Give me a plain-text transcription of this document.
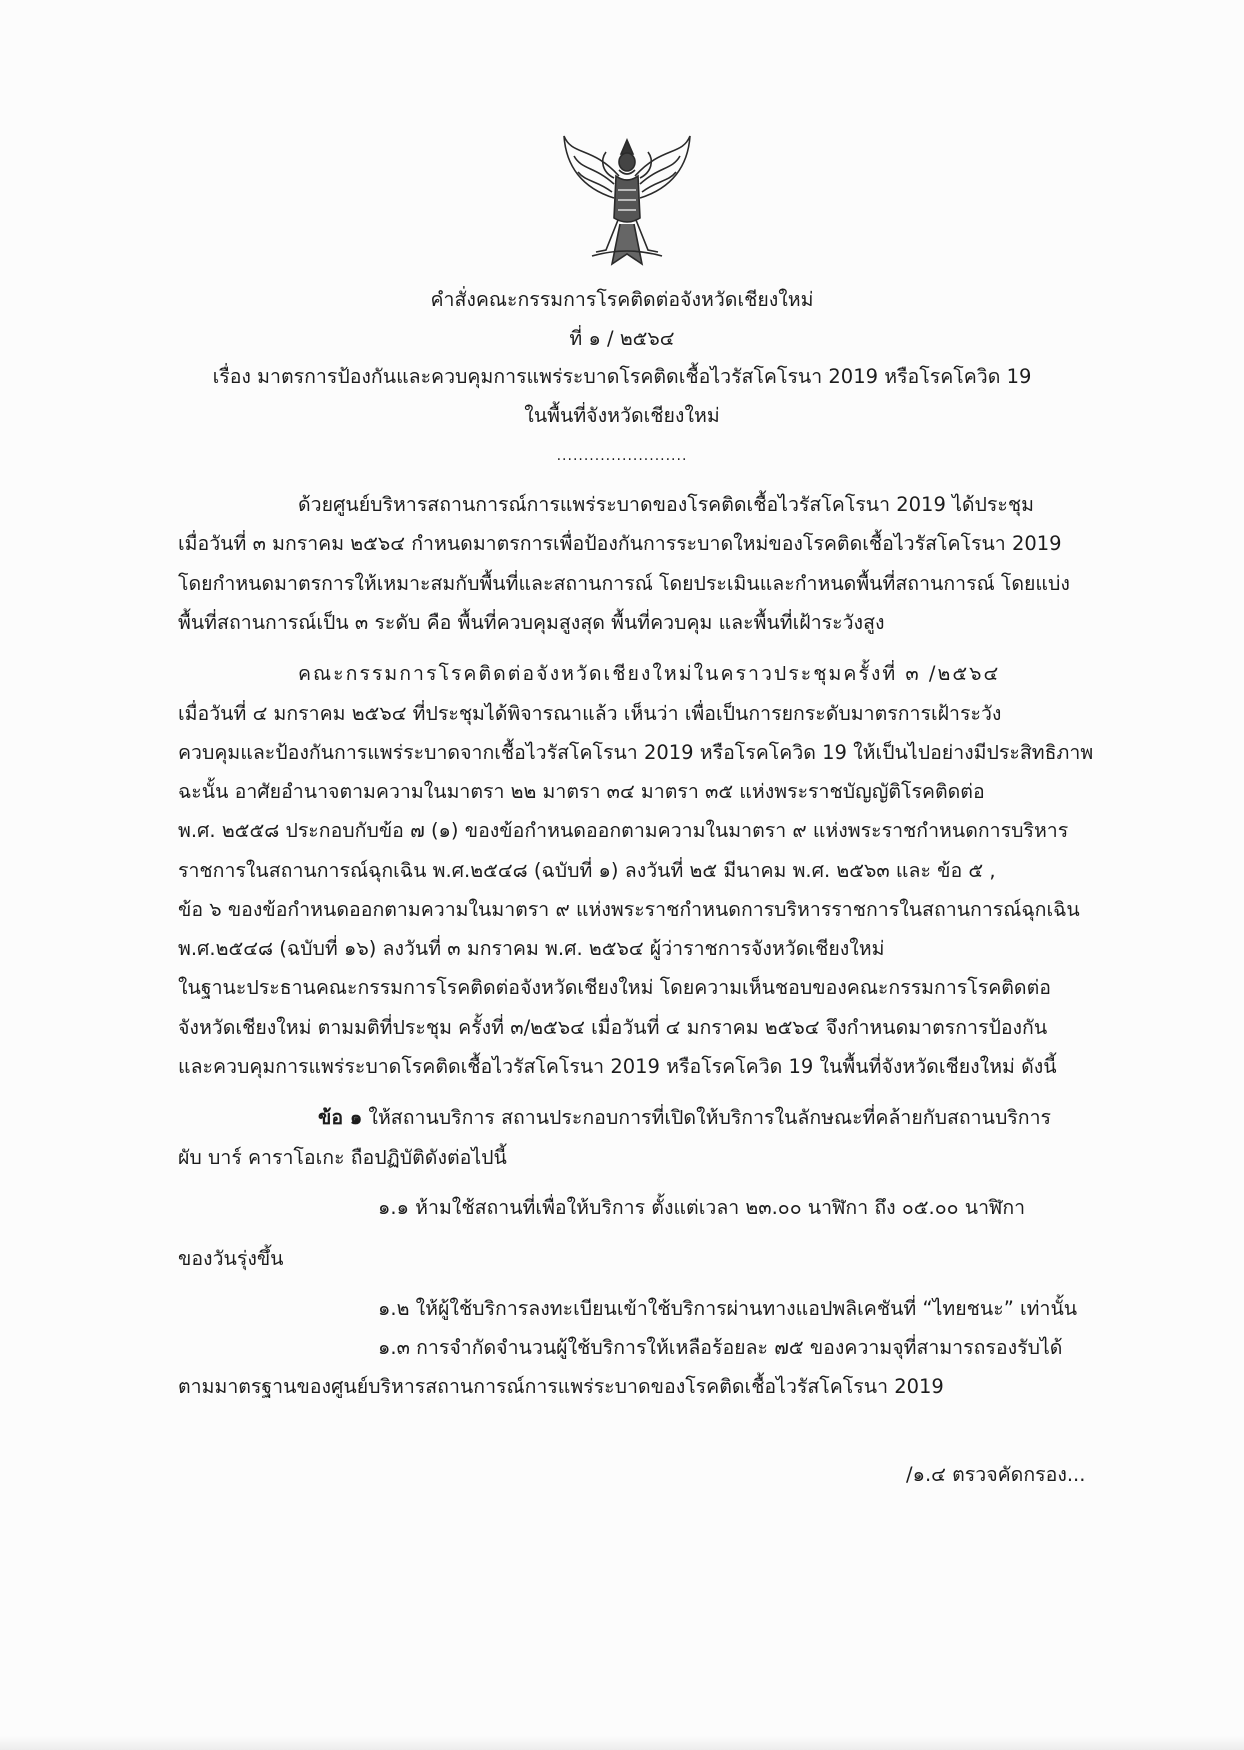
คำสั่งคณะกรรมการโรคติดต่อจังหวัดเชียงใหม่
ที่ ๑ / ๒๕๖๔
เรื่อง มาตรการป้องกันและควบคุมการแพร่ระบาดโรคติดเชื้อไวรัสโคโรนา 2019 หรือโรคโควิด 19
ในพื้นที่จังหวัดเชียงใหม่
........................
ด้วยศูนย์บริหารสถานการณ์การแพร่ระบาดของโรคติดเชื้อไวรัสโคโรนา 2019 ได้ประชุม
เมื่อวันที่ ๓ มกราคม ๒๕๖๔ กำหนดมาตรการเพื่อป้องกันการระบาดใหม่ของโรคติดเชื้อไวรัสโคโรนา 2019
โดยกำหนดมาตรการให้เหมาะสมกับพื้นที่และสถานการณ์ โดยประเมินและกำหนดพื้นที่สถานการณ์ โดยแบ่ง
พื้นที่สถานการณ์เป็น ๓ ระดับ คือ พื้นที่ควบคุมสูงสุด พื้นที่ควบคุม และพื้นที่เฝ้าระวังสูง
คณะกรรมการโรคติดต่อจังหวัดเชียงใหม่ในคราวประชุมครั้งที่ ๓ /๒๕๖๔
เมื่อวันที่ ๔ มกราคม ๒๕๖๔ ที่ประชุมได้พิจารณาแล้ว เห็นว่า เพื่อเป็นการยกระดับมาตรการเฝ้าระวัง
ควบคุมและป้องกันการแพร่ระบาดจากเชื้อไวรัสโคโรนา 2019 หรือโรคโควิด 19 ให้เป็นไปอย่างมีประสิทธิภาพ
ฉะนั้น อาศัยอำนาจตามความในมาตรา ๒๒ มาตรา ๓๔ มาตรา ๓๕ แห่งพระราชบัญญัติโรคติดต่อ
พ.ศ. ๒๕๕๘ ประกอบกับข้อ ๗ (๑) ของข้อกำหนดออกตามความในมาตรา ๙ แห่งพระราชกำหนดการบริหาร
ราชการในสถานการณ์ฉุกเฉิน พ.ศ.๒๕๔๘ (ฉบับที่ ๑) ลงวันที่ ๒๕ มีนาคม พ.ศ. ๒๕๖๓ และ ข้อ ๕ ,
ข้อ ๖ ของข้อกำหนดออกตามความในมาตรา ๙ แห่งพระราชกำหนดการบริหารราชการในสถานการณ์ฉุกเฉิน
พ.ศ.๒๕๔๘ (ฉบับที่ ๑๖) ลงวันที่ ๓ มกราคม พ.ศ. ๒๕๖๔ ผู้ว่าราชการจังหวัดเชียงใหม่
ในฐานะประธานคณะกรรมการโรคติดต่อจังหวัดเชียงใหม่ โดยความเห็นชอบของคณะกรรมการโรคติดต่อ
จังหวัดเชียงใหม่ ตามมติที่ประชุม ครั้งที่ ๓/๒๕๖๔ เมื่อวันที่ ๔ มกราคม ๒๕๖๔ จึงกำหนดมาตรการป้องกัน
และควบคุมการแพร่ระบาดโรคติดเชื้อไวรัสโคโรนา 2019 หรือโรคโควิด 19 ในพื้นที่จังหวัดเชียงใหม่ ดังนี้
ข้อ ๑ ให้สถานบริการ สถานประกอบการที่เปิดให้บริการในลักษณะที่คล้ายกับสถานบริการ
ผับ บาร์ คาราโอเกะ ถือปฏิบัติดังต่อไปนี้
๑.๑ ห้ามใช้สถานที่เพื่อให้บริการ ตั้งแต่เวลา ๒๓.๐๐ นาฬิกา ถึง ๐๕.๐๐ นาฬิกา
ของวันรุ่งขึ้น
๑.๒ ให้ผู้ใช้บริการลงทะเบียนเข้าใช้บริการผ่านทางแอปพลิเคชันที่ “ไทยชนะ” เท่านั้น
๑.๓ การจำกัดจำนวนผู้ใช้บริการให้เหลือร้อยละ ๗๕ ของความจุที่สามารถรองรับได้
ตามมาตรฐานของศูนย์บริหารสถานการณ์การแพร่ระบาดของโรคติดเชื้อไวรัสโคโรนา 2019
/๑.๔ ตรวจคัดกรอง...
